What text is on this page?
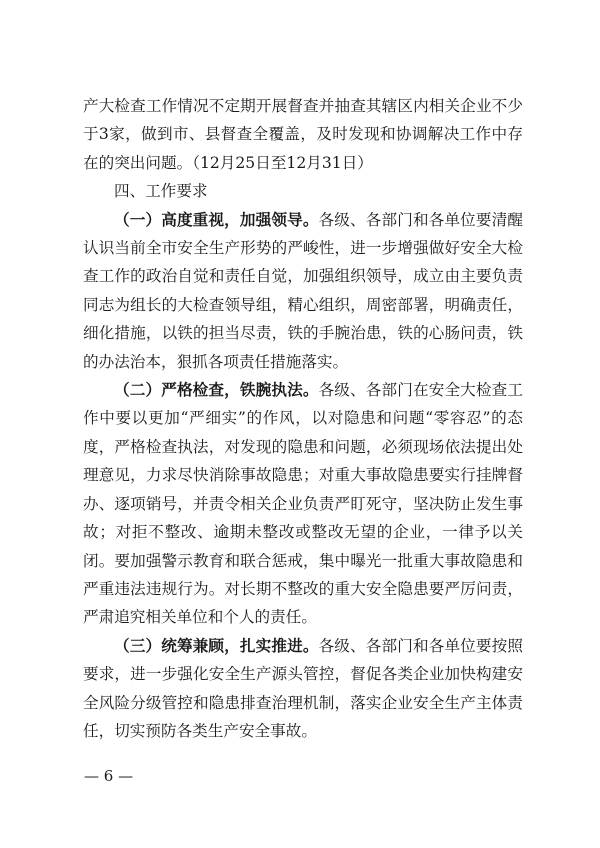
产大检查工作情况不定期开展督查并抽查其辖区内相关企业不少于3家，做到市、县督查全覆盖，及时发现和协调解决工作中存在的突出问题。（12月25日至12月31日）

四、工作要求

（一）高度重视，加强领导。各级、各部门和各单位要清醒认识当前全市安全生产形势的严峻性，进一步增强做好安全大检查工作的政治自觉和责任自觉，加强组织领导，成立由主要负责同志为组长的大检查领导组，精心组织，周密部署，明确责任，细化措施，以铁的担当尽责，铁的手腕治患，铁的心肠问责，铁的办法治本，狠抓各项责任措施落实。

（二）严格检查，铁腕执法。各级、各部门在安全大检查工作中要以更加“严细实”的作风，以对隐患和问题“零容忍”的态度，严格检查执法，对发现的隐患和问题，必须现场依法提出处理意见，力求尽快消除事故隐患；对重大事故隐患要实行挂牌督办、逐项销号，并责令相关企业负责严盯死守，坚决防止发生事故；对拒不整改、逾期未整改或整改无望的企业，一律予以关闭。要加强警示教育和联合惩戒，集中曝光一批重大事故隐患和严重违法违规行为。对长期不整改的重大安全隐患要严厉问责，严肃追究相关单位和个人的责任。

（三）统筹兼顾，扎实推进。各级、各部门和各单位要按照要求，进一步强化安全生产源头管控，督促各类企业加快构建安全风险分级管控和隐患排查治理机制，落实企业安全生产主体责任，切实预防各类生产安全事故。

— 6 —
